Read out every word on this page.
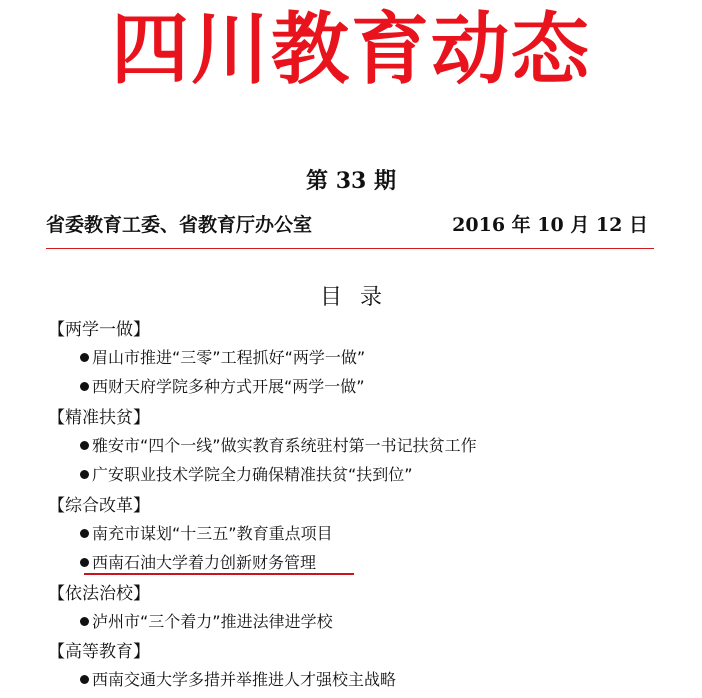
四川教育动态
第 33 期
省委教育工委、省教育厅办公室	2016 年 10 月 12 日
目录
【两学一做】
眉山市推进“三零”工程抓好“两学一做”
西财天府学院多种方式开展“两学一做”
【精准扶贫】
雅安市“四个一线”做实教育系统驻村第一书记扶贫工作
广安职业技术学院全力确保精准扶贫“扶到位”
【综合改革】
南充市谋划“十三五”教育重点项目
西南石油大学着力创新财务管理
【依法治校】
泸州市“三个着力”推进法律进学校
【高等教育】
西南交通大学多措并举推进人才强校主战略
